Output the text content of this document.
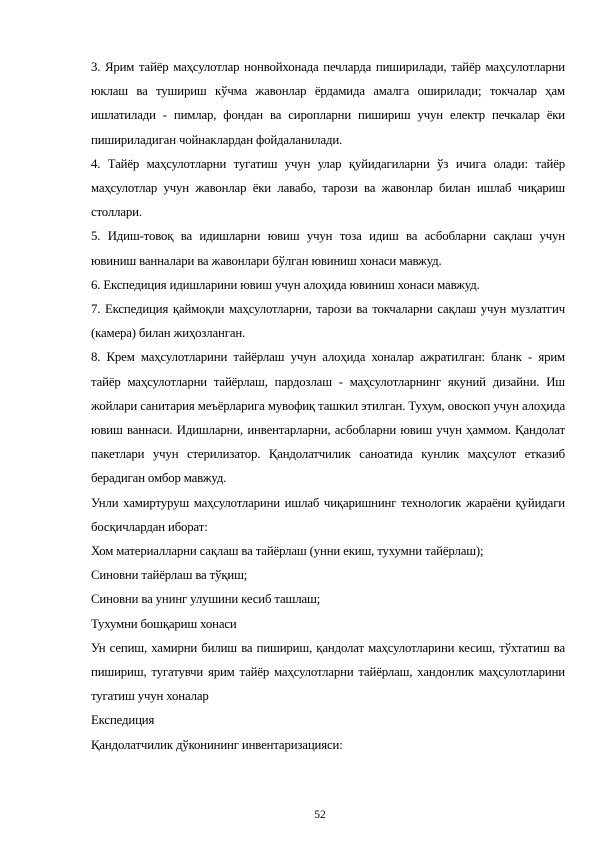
3. Ярим тайёр маҳсулотлар нонвойхонада печларда пиширилади, тайёр маҳсулотларни юклаш ва тушириш кўчма жавонлар ёрдамида амалга оширилади; токчалар ҳам ишлатилади - пимлар, фондан ва сиропларни пишириш учун електр печкалар ёки пишириладиган чойнаклардан фойдаланилади.

4. Тайёр маҳсулотларни тугатиш учун улар қуйидагиларни ўз ичига олади: тайёр маҳсулотлар учун жавонлар ёки лавабо, тарози ва жавонлар билан ишлаб чиқариш столлари.

5. Идиш-товоқ ва идишларни ювиш учун тоза идиш ва асбобларни сақлаш учун ювиниш ванналари ва жавонлари бўлган ювиниш хонаси мавжуд.

6. Експедиция идишларини ювиш учун алоҳида ювиниш хонаси мавжуд.

7. Експедиция қаймоқли маҳсулотларни, тарози ва токчаларни сақлаш учун музлатгич (камера) билан жиҳозланган.

8. Крем маҳсулотларини тайёрлаш учун алоҳида хоналар ажратилган: бланк - ярим тайёр маҳсулотларни тайёрлаш, пардозлаш - маҳсулотларнинг якуний дизайни. Иш жойлари санитария меъёрларига мувофиқ ташкил этилган. Тухум, овоскоп учун алоҳида ювиш ваннаси. Идишларни, инвентарларни, асбобларни ювиш учун ҳаммом. Қандолат пакетлари учун стерилизатор. Қандолатчилик саноатида кунлик маҳсулот етказиб берадиган омбор мавжуд.

Унли хамиртуруш маҳсулотларини ишлаб чиқаришнинг технологик жараёни қуйидаги босқичлардан иборат:

Хом материалларни сақлаш ва тайёрлаш (унни екиш, тухумни тайёрлаш);

Синовни тайёрлаш ва тўқиш;

Синовни ва унинг улушини кесиб ташлаш;

Тухумни бошқариш хонаси

Ун сепиш, хамирни билиш ва пишириш, қандолат маҳсулотларини кесиш, тўхтатиш ва пишириш, тугатувчи ярим тайёр маҳсулотларни тайёрлаш, хандонлик маҳсулотларини тугатиш учун хоналар

Експедиция

Қандолатчилик дўконининг инвентаризацияси:

52
